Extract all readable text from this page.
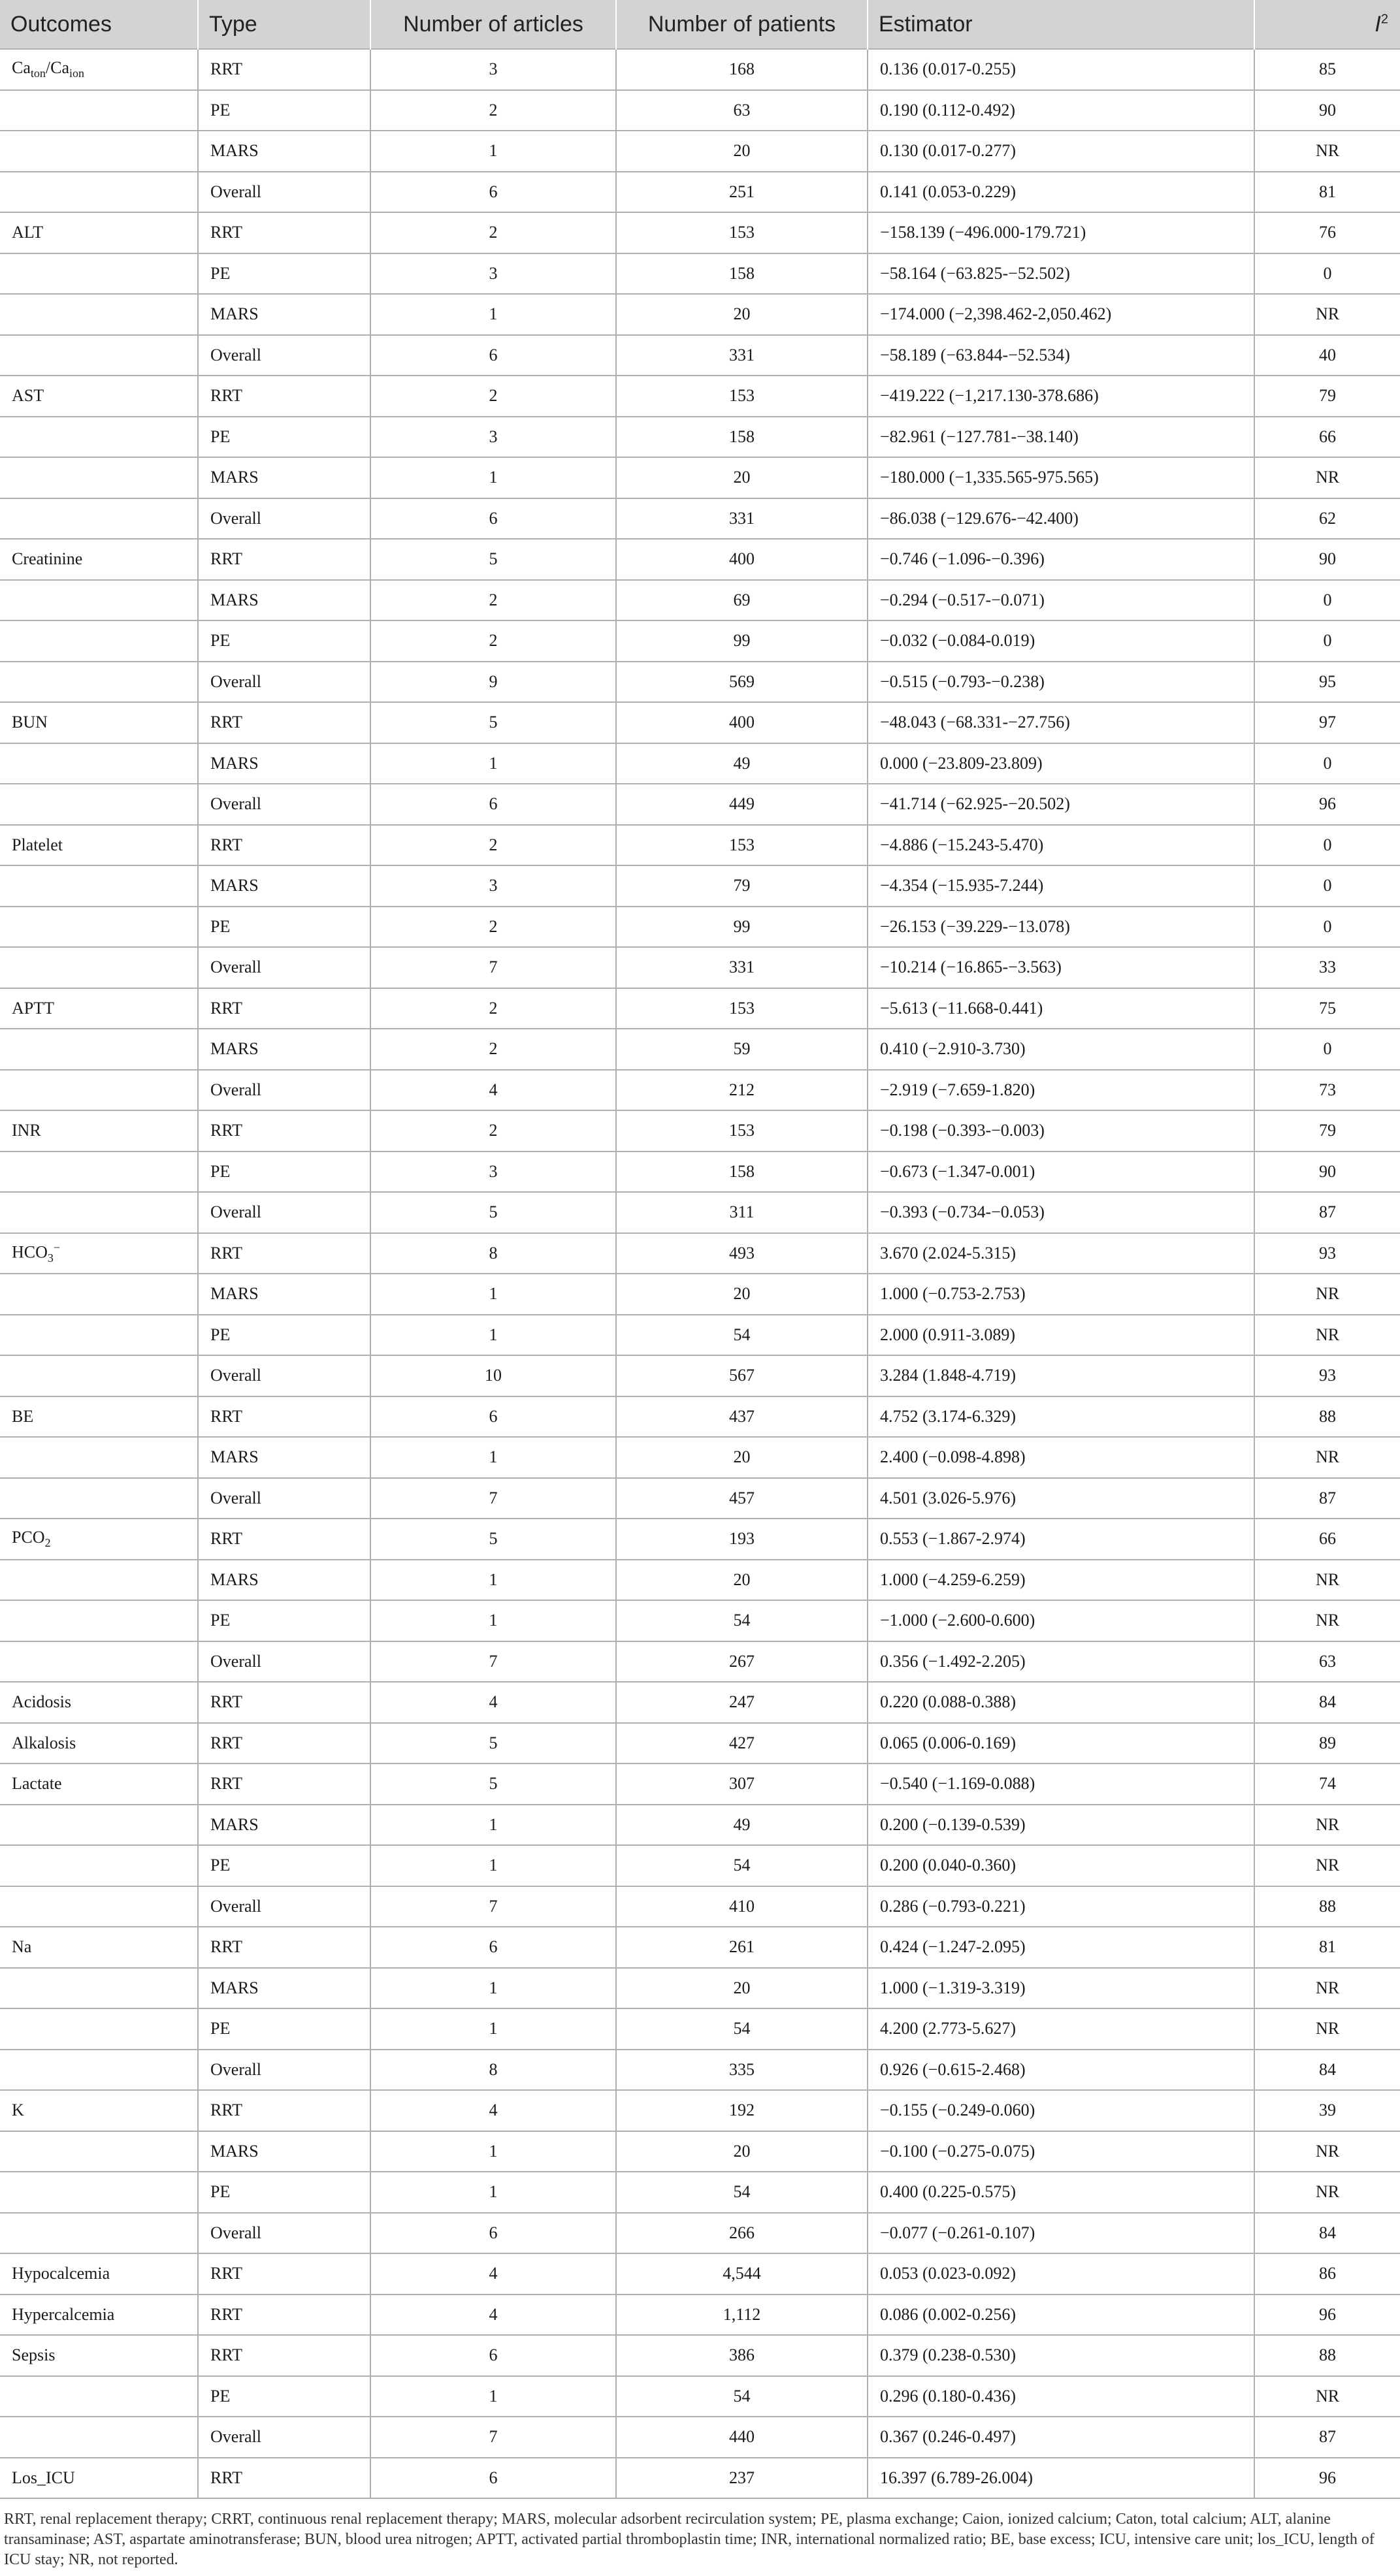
Outcomes	Type	Number of articles	Number of patients	Estimator	$I^2$
$Ca_{ton}/Ca_{ion}$	RRT	3	168	0.136 (0.017-0.255)	85
	PE	2	63	0.190 (0.112-0.492)	90
	MARS	1	20	0.130 (0.017-0.277)	NR
	Overall	6	251	0.141 (0.053-0.229)	81
ALT	RRT	2	153	−158.139 (−496.000-179.721)	76
	PE	3	158	−58.164 (−63.825-−52.502)	0
	MARS	1	20	−174.000 (−2,398.462-2,050.462)	NR
	Overall	6	331	−58.189 (−63.844-−52.534)	40
AST	RRT	2	153	−419.222 (−1,217.130-378.686)	79
	PE	3	158	−82.961 (−127.781-−38.140)	66
	MARS	1	20	−180.000 (−1,335.565-975.565)	NR
	Overall	6	331	−86.038 (−129.676-−42.400)	62
Creatinine	RRT	5	400	−0.746 (−1.096-−0.396)	90
	MARS	2	69	−0.294 (−0.517-−0.071)	0
	PE	2	99	−0.032 (−0.084-0.019)	0
	Overall	9	569	−0.515 (−0.793-−0.238)	95
BUN	RRT	5	400	−48.043 (−68.331-−27.756)	97
	MARS	1	49	0.000 (−23.809-23.809)	0
	Overall	6	449	−41.714 (−62.925-−20.502)	96
Platelet	RRT	2	153	−4.886 (−15.243-5.470)	0
	MARS	3	79	−4.354 (−15.935-7.244)	0
	PE	2	99	−26.153 (−39.229-−13.078)	0
	Overall	7	331	−10.214 (−16.865-−3.563)	33
APTT	RRT	2	153	−5.613 (−11.668-0.441)	75
	MARS	2	59	0.410 (−2.910-3.730)	0
	Overall	4	212	−2.919 (−7.659-1.820)	73
INR	RRT	2	153	−0.198 (−0.393-−0.003)	79
	PE	3	158	−0.673 (−1.347-0.001)	90
	Overall	5	311	−0.393 (−0.734-−0.053)	87
$HCO_3^-$	RRT	8	493	3.670 (2.024-5.315)	93
	MARS	1	20	1.000 (−0.753-2.753)	NR
	PE	1	54	2.000 (0.911-3.089)	NR
	Overall	10	567	3.284 (1.848-4.719)	93
BE	RRT	6	437	4.752 (3.174-6.329)	88
	MARS	1	20	2.400 (−0.098-4.898)	NR
	Overall	7	457	4.501 (3.026-5.976)	87
$PCO_2$	RRT	5	193	0.553 (−1.867-2.974)	66
	MARS	1	20	1.000 (−4.259-6.259)	NR
	PE	1	54	−1.000 (−2.600-0.600)	NR
	Overall	7	267	0.356 (−1.492-2.205)	63
Acidosis	RRT	4	247	0.220 (0.088-0.388)	84
Alkalosis	RRT	5	427	0.065 (0.006-0.169)	89
Lactate	RRT	5	307	−0.540 (−1.169-0.088)	74
	MARS	1	49	0.200 (−0.139-0.539)	NR
	PE	1	54	0.200 (0.040-0.360)	NR
	Overall	7	410	0.286 (−0.793-0.221)	88
Na	RRT	6	261	0.424 (−1.247-2.095)	81
	MARS	1	20	1.000 (−1.319-3.319)	NR
	PE	1	54	4.200 (2.773-5.627)	NR
	Overall	8	335	0.926 (−0.615-2.468)	84
K	RRT	4	192	−0.155 (−0.249-0.060)	39
	MARS	1	20	−0.100 (−0.275-0.075)	NR
	PE	1	54	0.400 (0.225-0.575)	NR
	Overall	6	266	−0.077 (−0.261-0.107)	84
Hypocalcemia	RRT	4	4,544	0.053 (0.023-0.092)	86
Hypercalcemia	RRT	4	1,112	0.086 (0.002-0.256)	96
Sepsis	RRT	6	386	0.379 (0.238-0.530)	88
	PE	1	54	0.296 (0.180-0.436)	NR
	Overall	7	440	0.367 (0.246-0.497)	87
Los_ICU	RRT	6	237	16.397 (6.789-26.004)	96
RRT, renal replacement therapy; CRRT, continuous renal replacement therapy; MARS, molecular adsorbent recirculation system; PE, plasma exchange; Caion, ionized calcium; Caton, total calcium; ALT, alanine transaminase; AST, aspartate aminotransferase; BUN, blood urea nitrogen; APTT, activated partial thromboplastin time; INR, international normalized ratio; BE, base excess; ICU, intensive care unit; los_ICU, length of ICU stay; NR, not reported.
